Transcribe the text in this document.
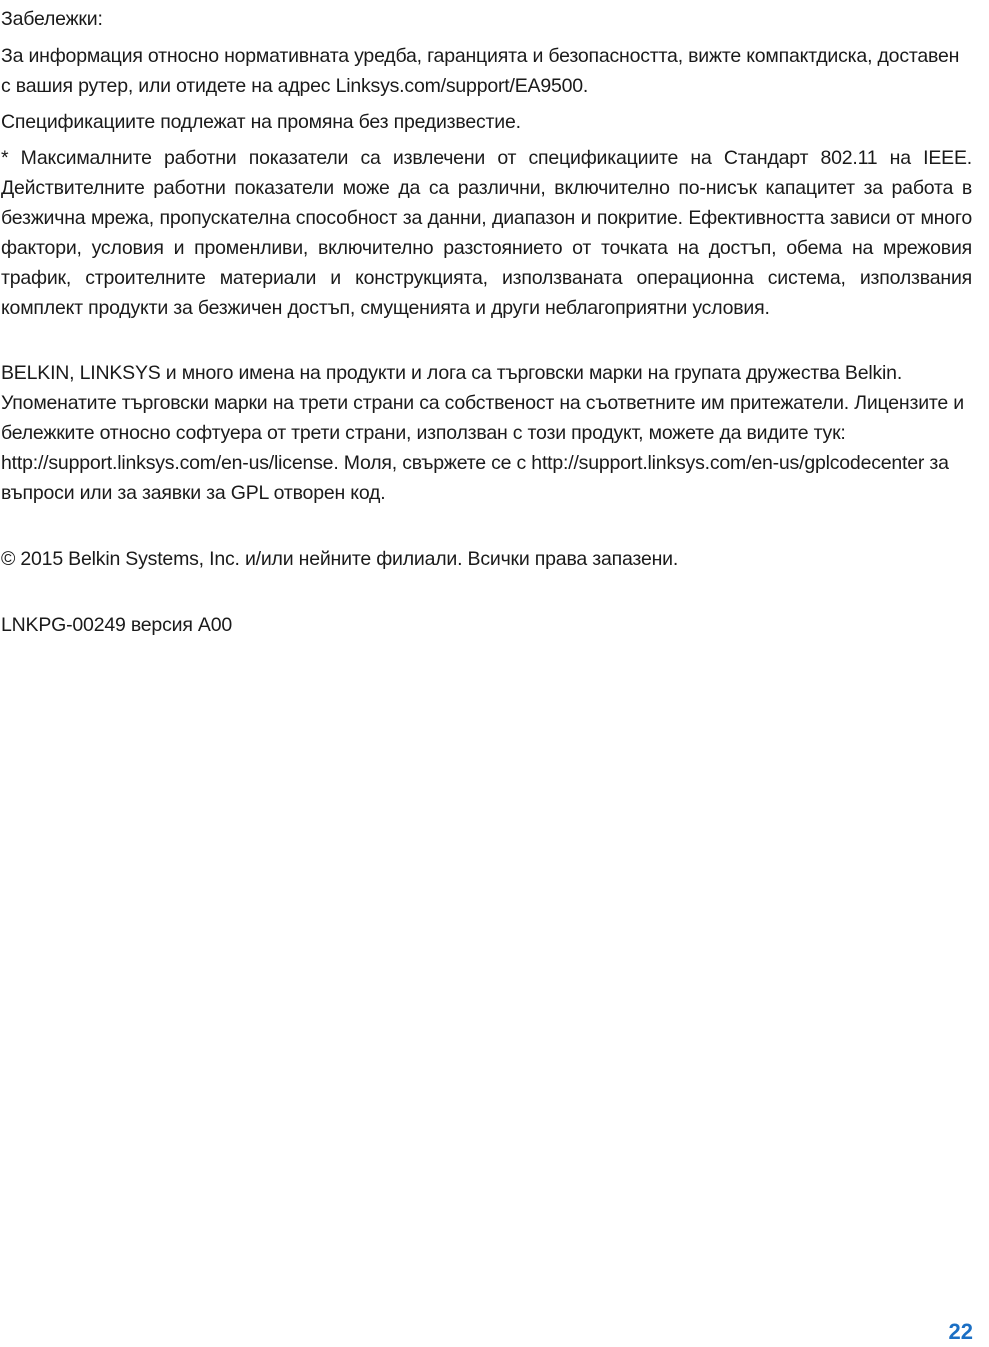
Забележки:

За информация относно нормативната уредба, гаранцията и безопасността, вижте компактдиска, доставен с вашия рутер, или отидете на адрес Linksys.com/support/EA9500.

Спецификациите подлежат на промяна без предизвестие.

* Максималните работни показатели са извлечени от спецификациите на Стандарт 802.11 на IEEE. Действителните работни показатели може да са различни, включително по-нисък капацитет за работа в безжична мрежа, пропускателна способност за данни, диапазон и покритие. Ефективността зависи от много фактори, условия и променливи, включително разстоянието от точката на достъп, обема на мрежовия трафик, строителните материали и конструкцията, използваната операционна система, използвания комплект продукти за безжичен достъп, смущенията и други неблагоприятни условия.

BELKIN, LINKSYS и много имена на продукти и лога са търговски марки на групата дружества Belkin. Упоменатите търговски марки на трети страни са собственост на съответните им притежатели. Лицензите и бележките относно софтуера от трети страни, използван с този продукт, можете да видите тук: http://support.linksys.com/en-us/license. Моля, свържете се с http://support.linksys.com/en-us/gplcodecenter за въпроси или за заявки за GPL отворен код.

© 2015 Belkin Systems, Inc. и/или нейните филиали. Всички права запазени.

LNKPG-00249 версия A00

22
